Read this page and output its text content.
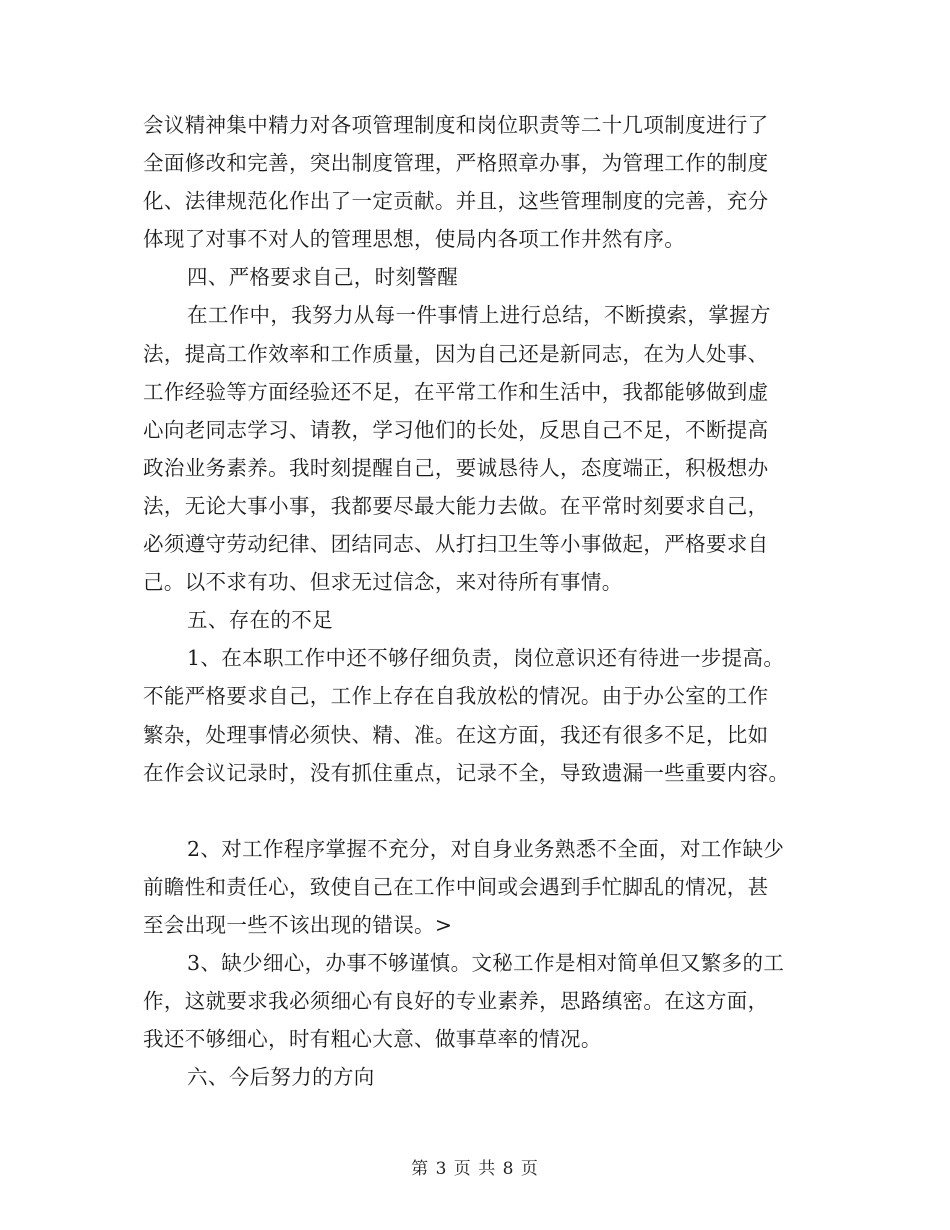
会议精神集中精力对各项管理制度和岗位职责等二十几项制度进行了
全面修改和完善，突出制度管理，严格照章办事，为管理工作的制度
化、法律规范化作出了一定贡献。并且，这些管理制度的完善，充分
体现了对事不对人的管理思想，使局内各项工作井然有序。
四、严格要求自己，时刻警醒
在工作中，我努力从每一件事情上进行总结，不断摸索，掌握方
法，提高工作效率和工作质量，因为自己还是新同志，在为人处事、
工作经验等方面经验还不足，在平常工作和生活中，我都能够做到虚
心向老同志学习、请教，学习他们的长处，反思自己不足，不断提高
政治业务素养。我时刻提醒自己，要诚恳待人，态度端正，积极想办
法，无论大事小事，我都要尽最大能力去做。在平常时刻要求自己，
必须遵守劳动纪律、团结同志、从打扫卫生等小事做起，严格要求自
己。以不求有功、但求无过信念，来对待所有事情。
五、存在的不足
1、在本职工作中还不够仔细负责，岗位意识还有待进一步提高。
不能严格要求自己，工作上存在自我放松的情况。由于办公室的工作
繁杂，处理事情必须快、精、准。在这方面，我还有很多不足，比如
在作会议记录时，没有抓住重点，记录不全，导致遗漏一些重要内容。
2、对工作程序掌握不充分，对自身业务熟悉不全面，对工作缺少
前瞻性和责任心，致使自己在工作中间或会遇到手忙脚乱的情况，甚
至会出现一些不该出现的错误。>
3、缺少细心，办事不够谨慎。文秘工作是相对简单但又繁多的工
作，这就要求我必须细心有良好的专业素养，思路缜密。在这方面，
我还不够细心，时有粗心大意、做事草率的情况。
六、今后努力的方向
第 3 页 共 8 页
